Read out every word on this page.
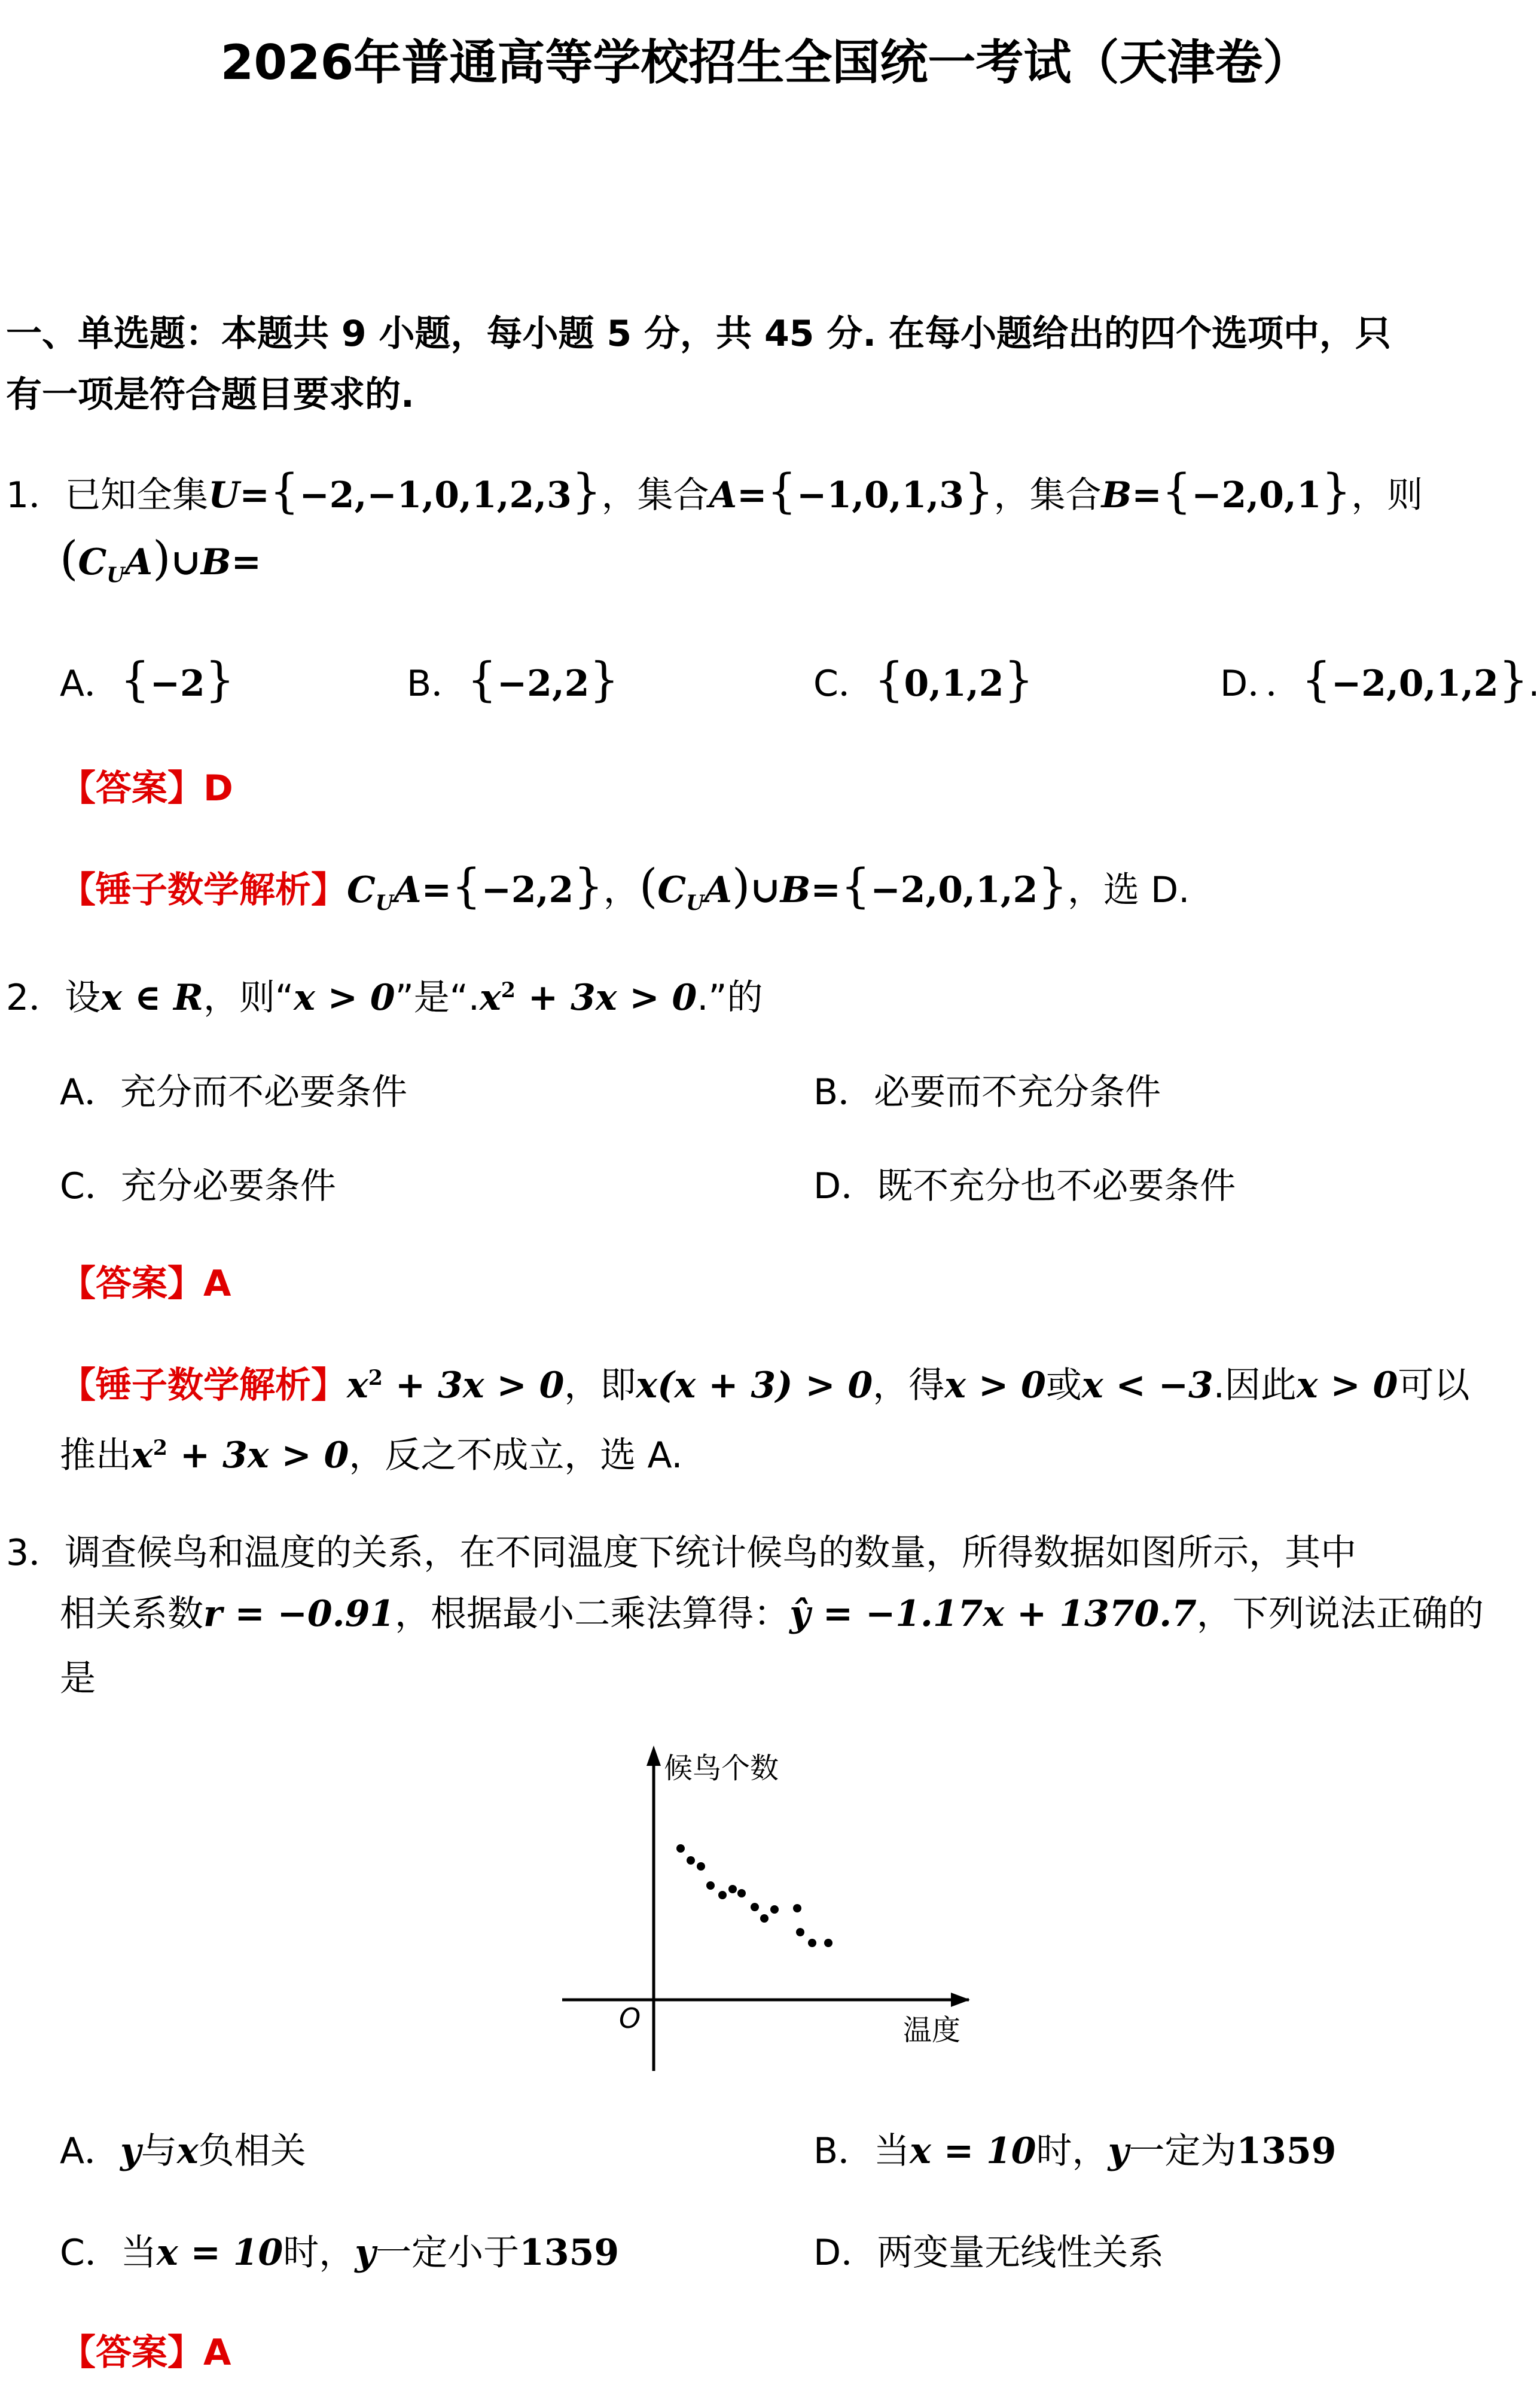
2026年普通高等学校招生全国统一考试（天津卷）
一、单选题：本题共 9 小题，每小题 5 分，共 45 分. 在每小题给出的四个选项中，只
有一项是符合题目要求的.
1．已知全集U={−2,−1,0,1,2,3}，集合A={−1,0,1,3}，集合B={−2,0,1}，则
$(C_UA)\cup B=$
A．{−2}	B．{−2,2}	C．{0,1,2}	D．．{−2,0,1,2}.
【答案】D
【锤子数学解析】$C_UA=\{-2,2\}$，$(C_UA)\cup B=\{-2,0,1,2\}$，选 D.
2．设x ∈ R，则“x > 0”是“$.x^2 + 3x > 0$.”的
A．充分而不必要条件	B．必要而不充分条件
C．充分必要条件	D．既不充分也不必要条件
【答案】A
【锤子数学解析】$x^2 + 3x > 0$，即x(x + 3) > 0，得x > 0或x < −3.因此x > 0可以
推出$x^2 + 3x > 0$，反之不成立，选 A.
3．调查候鸟和温度的关系，在不同温度下统计候鸟的数量，所得数据如图所示，其中
相关系数r = −0.91，根据最小二乘法算得：ŷ = −1.17x + 1370.7，下列说法正确的
是
候鸟个数
温度
O
A．y与x负相关	B．当x = 10时，y一定为1359
C．当x = 10时，y一定小于1359	D．两变量无线性关系
【答案】A
